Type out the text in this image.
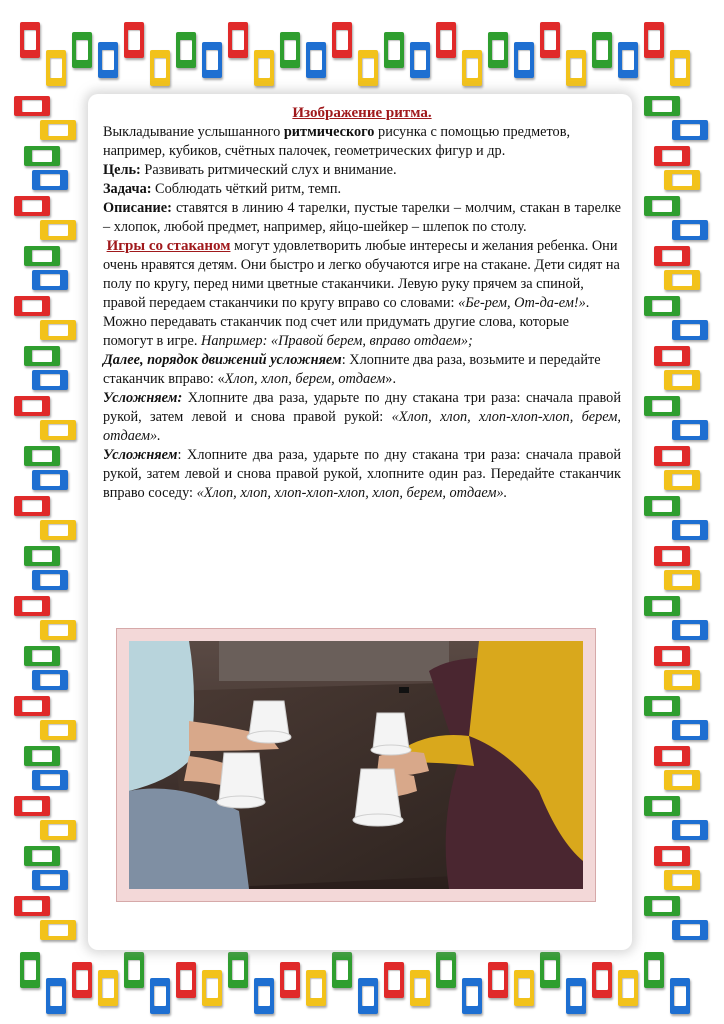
Изображение ритма.

Выкладывание услышанного ритмического рисунка с помощью предметов, например, кубиков, счётных палочек, геометрических фигур и др.

Цель: Развивать ритмический слух и внимание.

Задача: Соблюдать чёткий ритм, темп.

Описание: ставятся в линию 4 тарелки, пустые тарелки – молчим, стакан в тарелке – хлопок, любой предмет, например, яйцо-шейкер – шлепок по столу.

Игры со стаканом могут удовлетворить любые интересы и желания ребенка. Они очень нравятся детям. Они быстро и легко обучаются игре на стакане. Дети сидят на полу по кругу, перед ними цветные стаканчики. Левую руку прячем за спиной, правой передаем стаканчики по кругу вправо со словами: «Бе-рем, От-да-ем!». Можно передавать стаканчик под счет или придумать другие слова, которые помогут в игре. Например: «Правой берем, вправо отдаем»;

Далее, порядок движений усложняем: Хлопните два раза, возьмите и передайте стаканчик вправо: «Хлоп, хлоп, берем, отдаем».

Усложняем: Хлопните два раза, ударьте по дну стакана три раза: сначала правой рукой, затем левой и снова правой рукой: «Хлоп, хлоп, хлоп-хлоп-хлоп, берем, отдаем».

Усложняем: Хлопните два раза, ударьте по дну стакана три раза: сначала правой рукой, затем левой и снова правой рукой, хлопните один раз. Передайте стаканчик вправо соседу: «Хлоп, хлоп, хлоп-хлоп-хлоп, хлоп, берем, отдаем».
